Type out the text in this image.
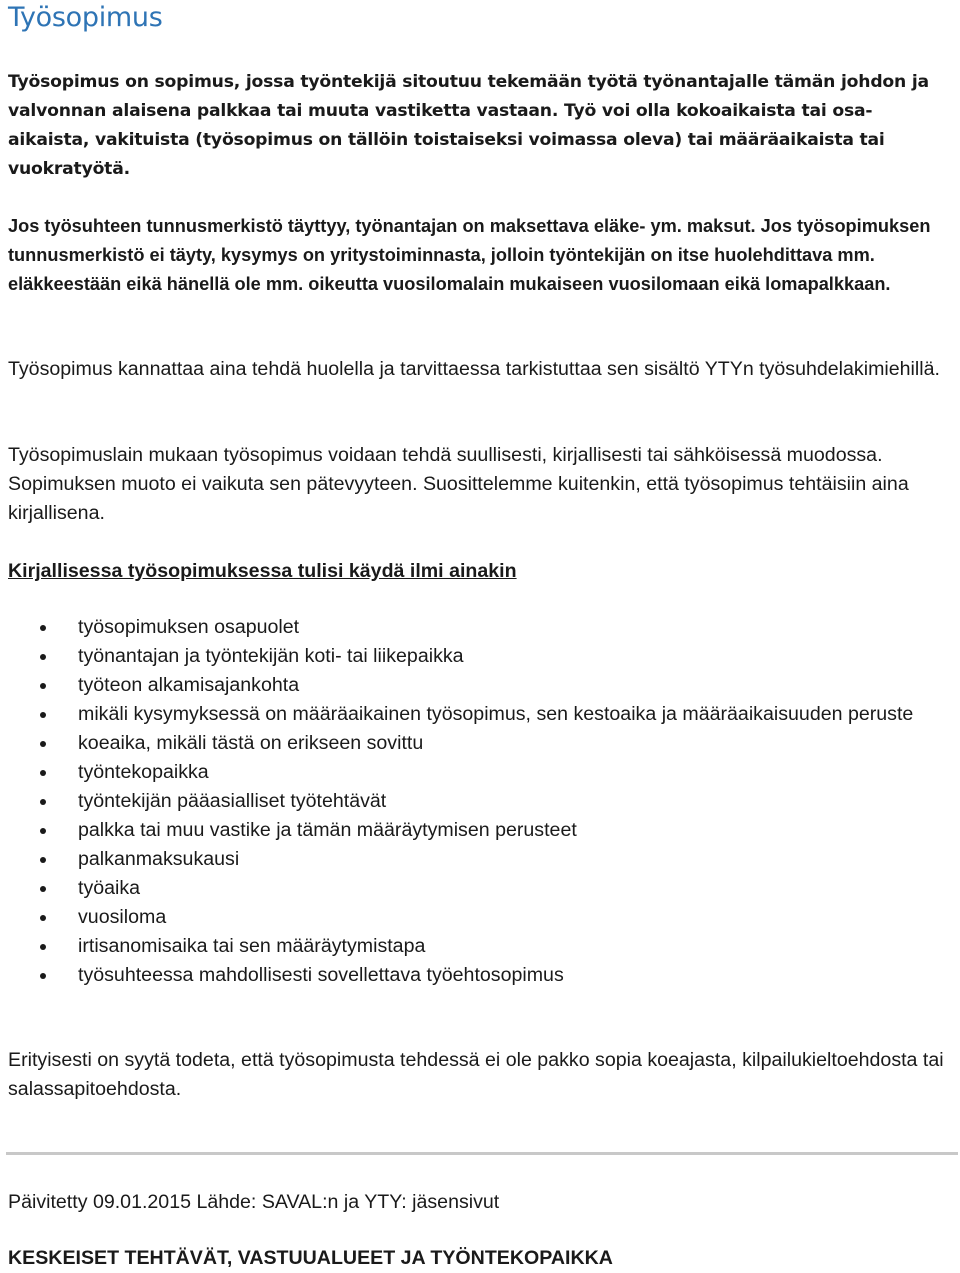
Työsopimus

Työsopimus on sopimus, jossa työntekijä sitoutuu tekemään työtä työnantajalle tämän johdon ja valvonnan alaisena palkkaa tai muuta vastiketta vastaan. Työ voi olla kokoaikaista tai osa-aikaista, vakituista (työsopimus on tällöin toistaiseksi voimassa oleva) tai määräaikaista tai vuokratyötä.

Jos työsuhteen tunnusmerkistö täyttyy, työnantajan on maksettava eläke- ym. maksut. Jos työsopimuksen tunnusmerkistö ei täyty, kysymys on yritystoiminnasta, jolloin työntekijän on itse huolehdittava mm. eläkkeestään eikä hänellä ole mm. oikeutta vuosilomalain mukaiseen vuosilomaan eikä lomapalkkaan.

Työsopimus kannattaa aina tehdä huolella ja tarvittaessa tarkistuttaa sen sisältö YTYn työsuhdelakimiehillä.

Työsopimuslain mukaan työsopimus voidaan tehdä suullisesti, kirjallisesti tai sähköisessä muodossa. Sopimuksen muoto ei vaikuta sen pätevyyteen. Suosittelemme kuitenkin, että työsopimus tehtäisiin aina kirjallisena.

Kirjallisessa työsopimuksessa tulisi käydä ilmi ainakin
työsopimuksen osapuolet
työnantajan ja työntekijän koti- tai liikepaikka
työteon alkamisajankohta
mikäli kysymyksessä on määräaikainen työsopimus, sen kestoaika ja määräaikaisuuden peruste
koeaika, mikäli tästä on erikseen sovittu
työntekopaikka
työntekijän pääasialliset työtehtävät
palkka tai muu vastike ja tämän määräytymisen perusteet
palkanmaksukausi
työaika
vuosiloma
irtisanomisaika tai sen määräytymistapa
työsuhteessa mahdollisesti sovellettava työehtosopimus

Erityisesti on syytä todeta, että työsopimusta tehdessä ei ole pakko sopia koeajasta, kilpailukieltoehdosta tai salassapitoehdosta.

Päivitetty 09.01.2015 Lähde: SAVAL:n ja YTY: jäsensivut

KESKEISET TEHTÄVÄT, VASTUUALUEET JA TYÖNTEKOPAIKKA
